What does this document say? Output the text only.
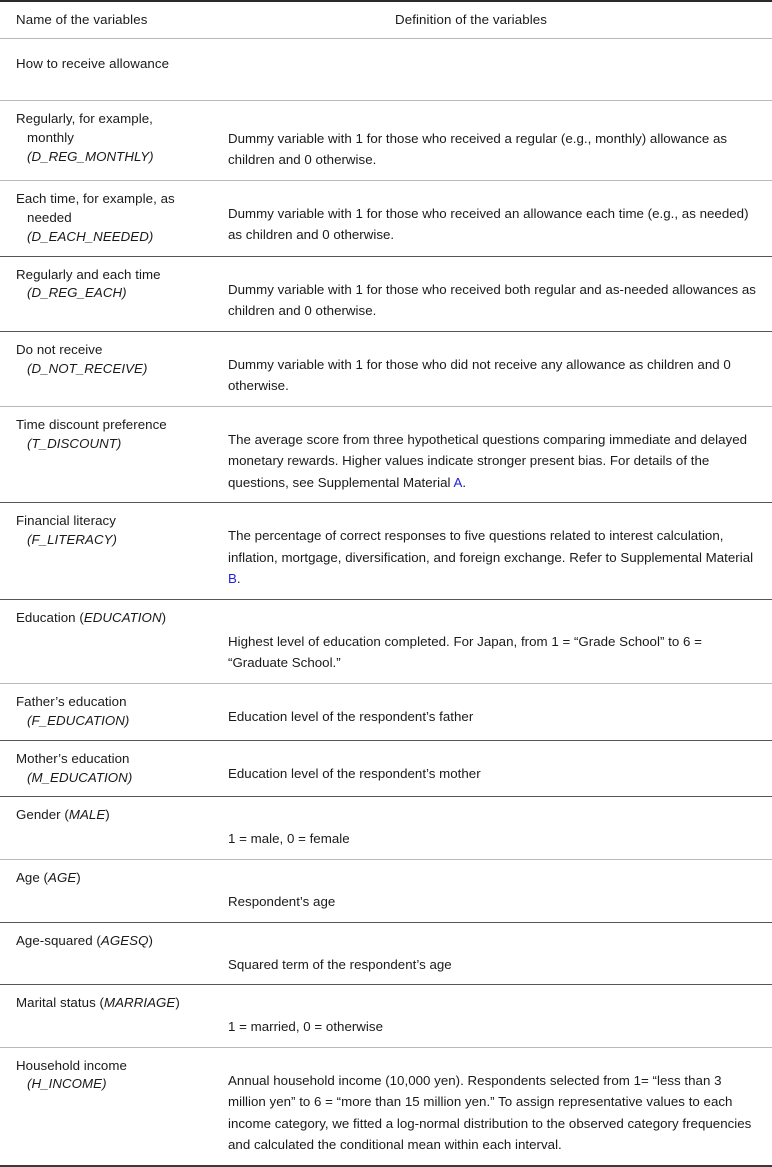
Name of the variables	Definition of the variables
How to receive allowance	

Regularly, for example,
monthly
(D_REG_MONTHLY)	Dummy variable with 1 for those who received a regular (e.g., monthly) allowance as children and 0 otherwise.

Each time, for example, as
needed
(D_EACH_NEEDED)	Dummy variable with 1 for those who received an allowance each time (e.g., as needed) as children and 0 otherwise.

Regularly and each time
(D_REG_EACH)	Dummy variable with 1 for those who received both regular and as-needed allowances as children and 0 otherwise.

Do not receive
(D_NOT_RECEIVE)	Dummy variable with 1 for those who did not receive any allowance as children and 0 otherwise.

Time discount preference
(T_DISCOUNT)	The average score from three hypothetical questions comparing immediate and delayed monetary rewards. Higher values indicate stronger present bias. For details of the questions, see Supplemental Material A.

Financial literacy
(F_LITERACY)	The percentage of correct responses to five questions related to interest calculation, inflation, mortgage, diversification, and foreign exchange. Refer to Supplemental Material B.

Education (EDUCATION)	Highest level of education completed. For Japan, from 1 = “Grade School” to 6 = “Graduate School.”

Father’s education
(F_EDUCATION)	Education level of the respondent’s father

Mother’s education
(M_EDUCATION)	Education level of the respondent’s mother

Gender (MALE)	1 = male, 0 = female

Age (AGE)	Respondent’s age

Age-squared (AGESQ)	Squared term of the respondent’s age

Marital status (MARRIAGE)	1 = married, 0 = otherwise

Household income
(H_INCOME)	Annual household income (10,000 yen). Respondents selected from 1= “less than 3 million yen” to 6 = “more than 15 million yen.” To assign representative values to each income category, we fitted a log-normal distribution to the observed category frequencies and calculated the conditional mean within each interval.
